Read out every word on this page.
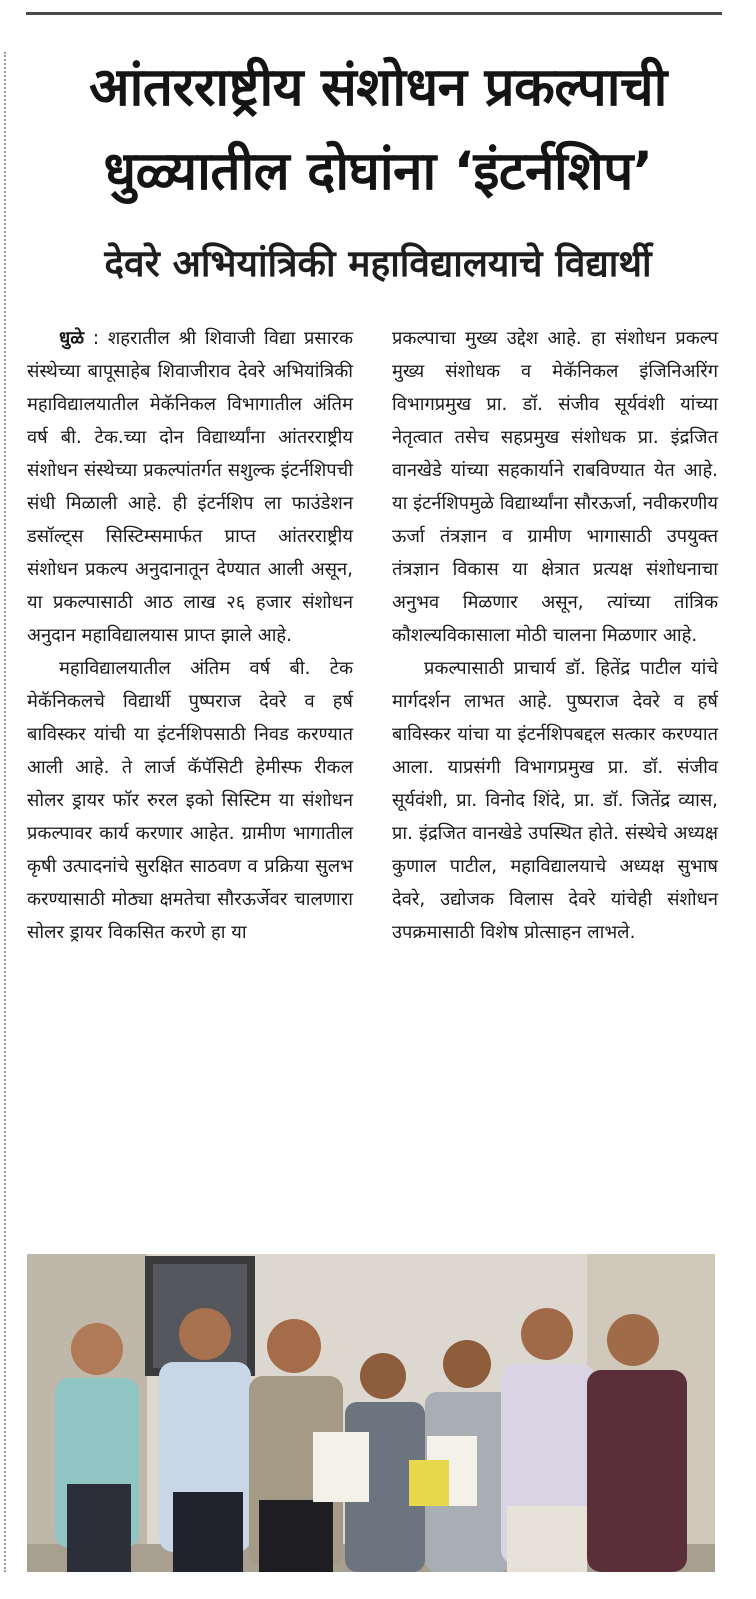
आंतरराष्ट्रीय संशोधन प्रकल्पाची
धुळ्यातील दोघांना ‘इंटर्नशिप’
देवरे अभियांत्रिकी महाविद्यालयाचे विद्यार्थी

धुळे : शहरातील श्री शिवाजी विद्या प्रसारक संस्थेच्या बापूसाहेब शिवाजीराव देवरे अभियांत्रिकी महाविद्यालयातील मेकॅनिकल विभागातील अंतिम वर्ष बी. टेक.च्या दोन विद्यार्थ्यांना आंतरराष्ट्रीय संशोधन संस्थेच्या प्रकल्पांतर्गत सशुल्क इंटर्नशिपची संधी मिळाली आहे. ही इंटर्नशिप ला फाउंडेशन डसॉल्ट्स सिस्टिम्समार्फत प्राप्त आंतरराष्ट्रीय संशोधन प्रकल्प अनुदानातून देण्यात आली असून, या प्रकल्पासाठी आठ लाख २६ हजार संशोधन अनुदान महाविद्यालयास प्राप्त झाले आहे.

महाविद्यालयातील अंतिम वर्ष बी. टेक मेकॅनिकलचे विद्यार्थी पुष्पराज देवरे व हर्ष बाविस्कर यांची या इंटर्नशिपसाठी निवड करण्यात आली आहे. ते लार्ज कॅपॅसिटी हेमीस्फ रीकल सोलर ड्रायर फॉर रुरल इको सिस्टिम या संशोधन प्रकल्पावर कार्य करणार आहेत. ग्रामीण भागातील कृषी उत्पादनांचे सुरक्षित साठवण व प्रक्रिया सुलभ करण्यासाठी मोठ्या क्षमतेचा सौरऊर्जेवर चालणारा सोलर ड्रायर विकसित करणे हा या

प्रकल्पाचा मुख्य उद्देश आहे. हा संशोधन प्रकल्प मुख्य संशोधक व मेकॅनिकल इंजिनिअरिंग विभागप्रमुख प्रा. डॉ. संजीव सूर्यवंशी यांच्या नेतृत्वात तसेच सहप्रमुख संशोधक प्रा. इंद्रजित वानखेडे यांच्या सहकार्याने राबविण्यात येत आहे. या इंटर्नशिपमुळे विद्यार्थ्यांना सौरऊर्जा, नवीकरणीय ऊर्जा तंत्रज्ञान व ग्रामीण भागासाठी उपयुक्त तंत्रज्ञान विकास या क्षेत्रात प्रत्यक्ष संशोधनाचा अनुभव मिळणार असून, त्यांच्या तांत्रिक कौशल्यविकासाला मोठी चालना मिळणार आहे.

प्रकल्पासाठी प्राचार्य डॉ. हितेंद्र पाटील यांचे मार्गदर्शन लाभत आहे. पुष्पराज देवरे व हर्ष बाविस्कर यांचा या इंटर्नशिपबद्दल सत्कार करण्यात आला. याप्रसंगी विभागप्रमुख प्रा. डॉ. संजीव सूर्यवंशी, प्रा. विनोद शिंदे, प्रा. डॉ. जितेंद्र व्यास, प्रा. इंद्रजित वानखेडे उपस्थित होते. संस्थेचे अध्यक्ष कुणाल पाटील, महाविद्यालयाचे अध्यक्ष सुभाष देवरे, उद्योजक विलास देवरे यांचेही संशोधन उपक्रमासाठी विशेष प्रोत्साहन लाभले.
